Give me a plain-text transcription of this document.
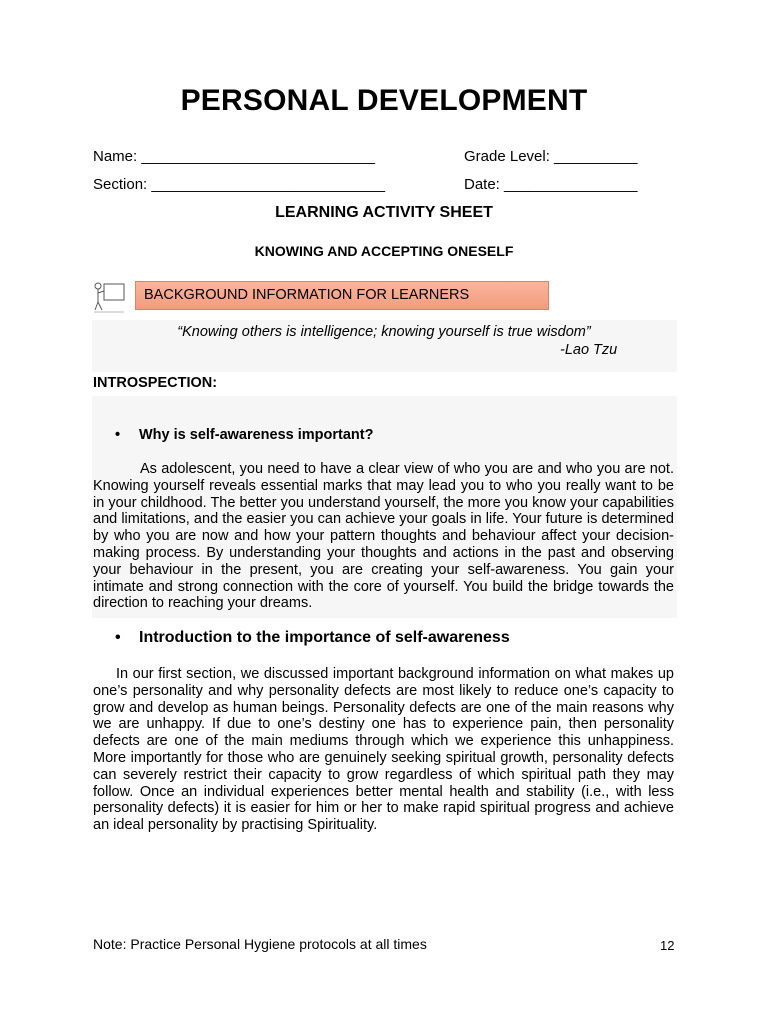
PERSONAL DEVELOPMENT
Name: ____________________________	Grade Level: __________
Section: ____________________________	Date: ________________
LEARNING ACTIVITY SHEET
KNOWING AND ACCEPTING ONESELF
BACKGROUND INFORMATION FOR LEARNERS
“Knowing others is intelligence; knowing yourself is true wisdom”
-Lao Tzu
INTROSPECTION:
• Why is self-awareness important?

As adolescent, you need to have a clear view of who you are and who you are not. Knowing yourself reveals essential marks that may lead you to who you really want to be in your childhood. The better you understand yourself, the more you know your capabilities and limitations, and the easier you can achieve your goals in life. Your future is determined by who you are now and how your pattern thoughts and behaviour affect your decision-making process. By understanding your thoughts and actions in the past and observing your behaviour in the present, you are creating your self-awareness. You gain your intimate and strong connection with the core of yourself. You build the bridge towards the direction to reaching your dreams.

• Introduction to the importance of self-awareness

In our first section, we discussed important background information on what makes up one’s personality and why personality defects are most likely to reduce one’s capacity to grow and develop as human beings. Personality defects are one of the main reasons why we are unhappy. If due to one’s destiny one has to experience pain, then personality defects are one of the main mediums through which we experience this unhappiness. More importantly for those who are genuinely seeking spiritual growth, personality defects can severely restrict their capacity to grow regardless of which spiritual path they may follow. Once an individual experiences better mental health and stability (i.e., with less personality defects) it is easier for him or her to make rapid spiritual progress and achieve an ideal personality by practising Spirituality.

Note: Practice Personal Hygiene protocols at all times	12
